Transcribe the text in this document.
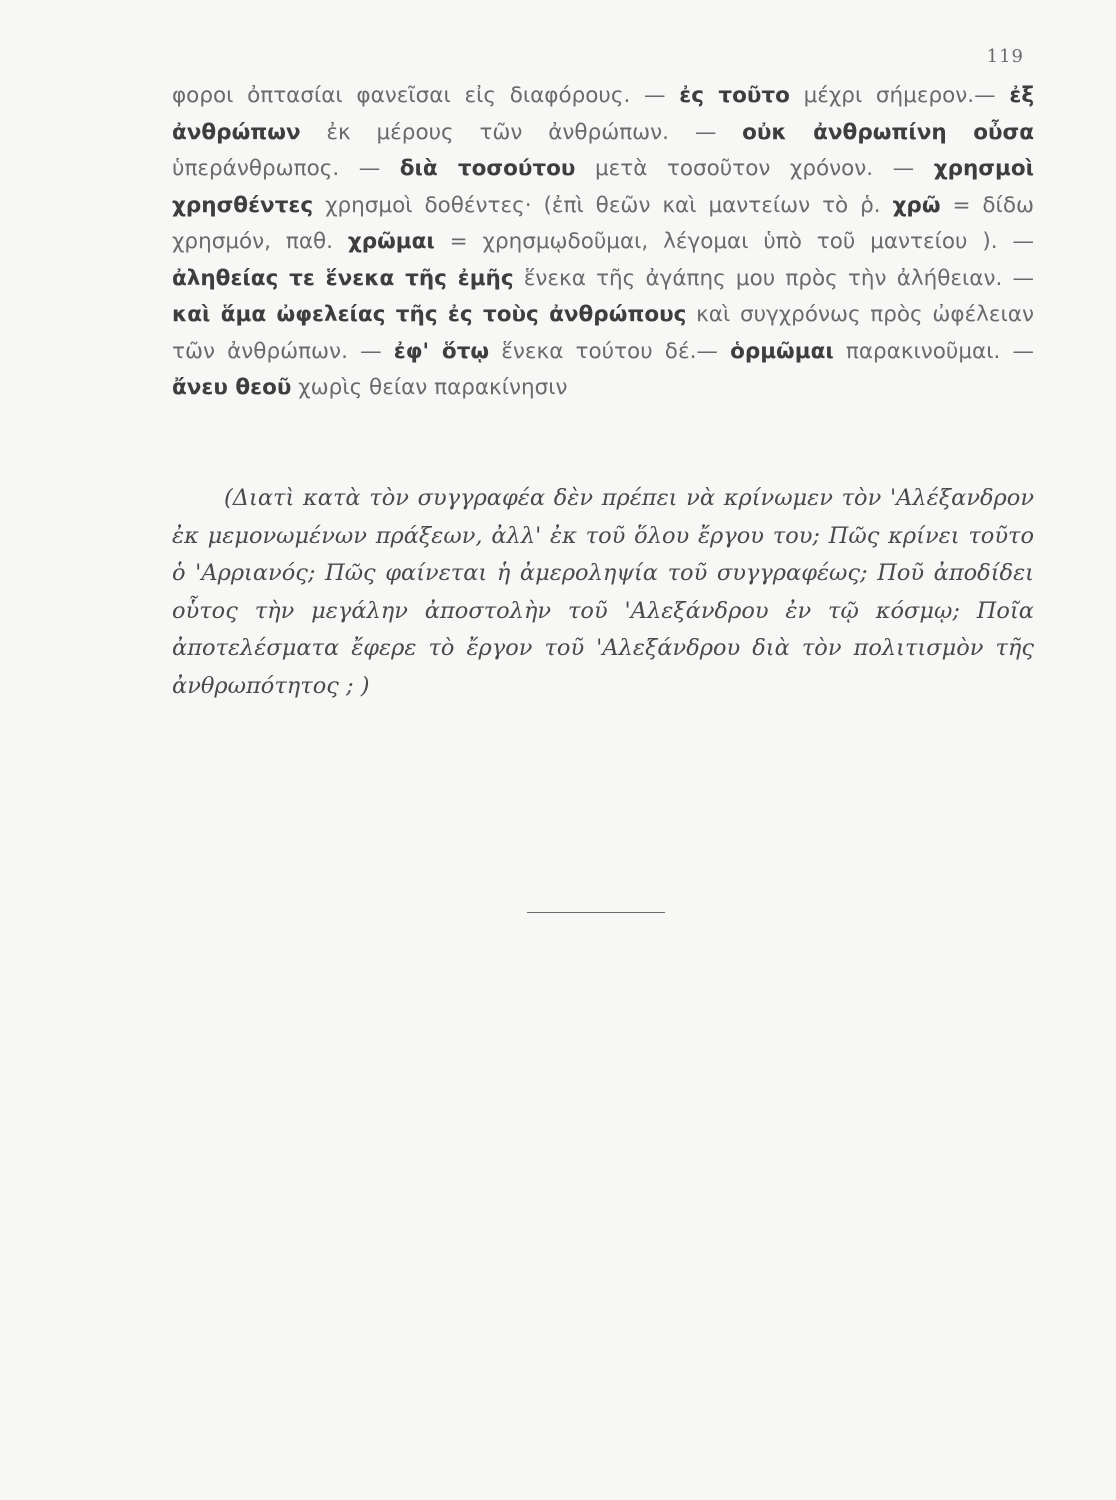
119
φοροι ὀπτασίαι φανεῖσαι εἰς διαφόρους. — ἐς τοῦτο μέχρι σήμερον.— ἐξ ἀνθρώπων ἐκ μέρους τῶν ἀνθρώπων. — οὐκ ἀνθρωπίνη οὖσα ὑπεράνθρωπος. — διὰ τοσούτου μετὰ τοσοῦτον χρόνον. — χρησμοὶ χρησθέντες χρησμοὶ δοθέντες· (ἐπὶ θεῶν καὶ μαντείων τὸ ῥ. χρῶ = δίδω χρησμόν, παθ. χρῶμαι = χρησμῳδοῦμαι, λέγομαι ὑπὸ τοῦ μαντείου ). — ἀληθείας τε ἕνεκα τῆς ἐμῆς ἕνεκα τῆς ἀγάπης μου πρὸς τὴν ἀλήθειαν. — καὶ ἅμα ὠφελείας τῆς ἐς τοὺς ἀνθρώπους καὶ συγχρόνως πρὸς ὠφέλειαν τῶν ἀνθρώπων. — ἐφ' ὅτῳ ἕνεκα τούτου δέ.— ὁρμῶμαι παρακινοῦμαι. — ἄνευ θεοῦ χωρὶς θείαν παρακίνησιν
(Διατὶ κατὰ τὸν συγγραφέα δὲν πρέπει νὰ κρίνωμεν τὸν 'Αλέξανδρον ἐκ μεμονωμένων πράξεων, ἀλλ' ἐκ τοῦ ὅλου ἔργου του; Πῶς κρίνει τοῦτο ὁ 'Αρριανός; Πῶς φαίνεται ἡ ἀμεροληψία τοῦ συγγραφέως; Ποῦ ἀποδίδει οὗτος τὴν μεγάλην ἀποστολὴν τοῦ 'Αλεξάνδρου ἐν τῷ κόσμῳ; Ποῖα ἀποτελέσματα ἔφερε τὸ ἔργον τοῦ 'Αλεξάνδρου διὰ τὸν πολιτισμὸν τῆς ἀνθρωπότητος ; )
